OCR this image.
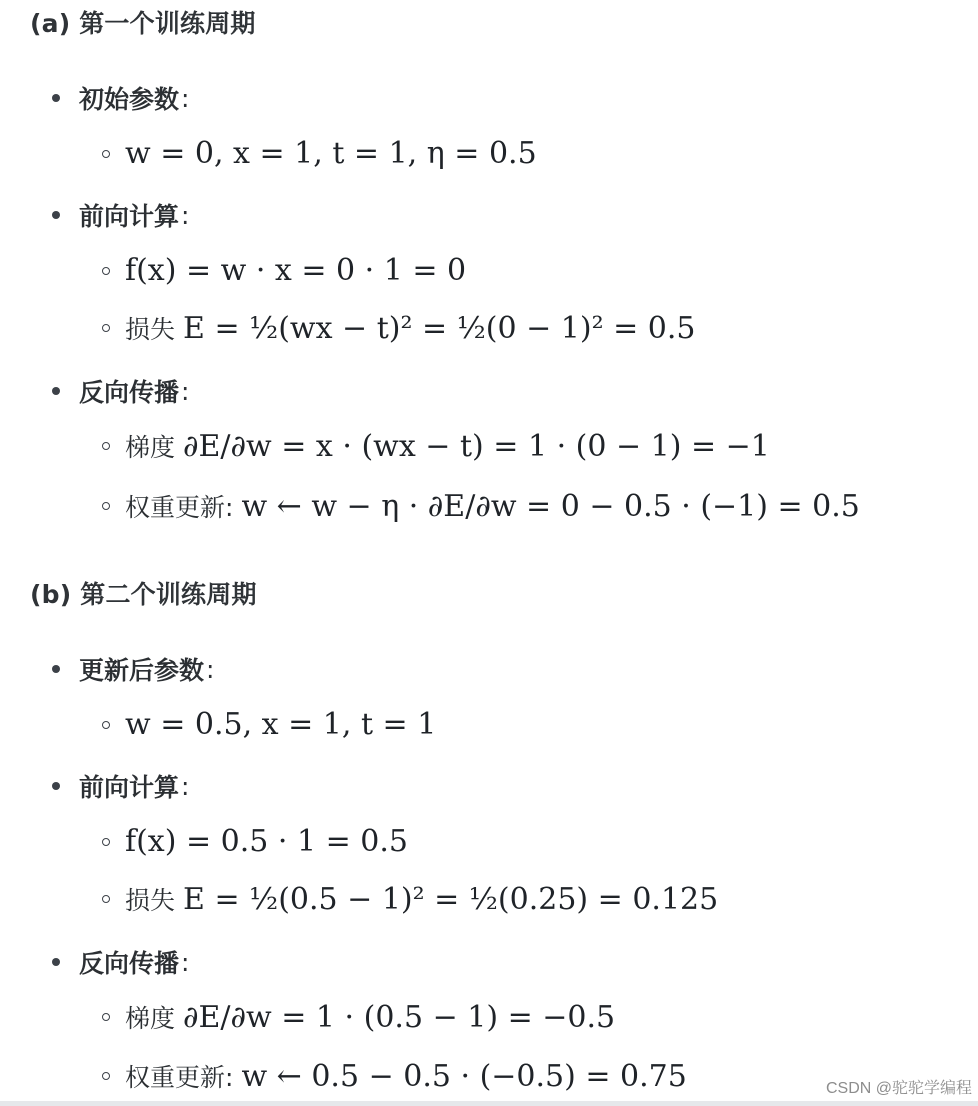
(a) 第一个训练周期
初始参数 :
w = 0, x = 1, t = 1, η = 0.5
前向计算 :
f(x) = w · x = 0 · 1 = 0
损失 E = ½(wx − t)² = ½(0 − 1)² = 0.5
反向传播 :
梯度 ∂E/∂w = x · (wx − t) = 1 · (0 − 1) = −1
权重更新: w ← w − η · ∂E/∂w = 0 − 0.5 · (−1) = 0.5
(b) 第二个训练周期
更新后参数 :
w = 0.5, x = 1, t = 1
前向计算 :
f(x) = 0.5 · 1 = 0.5
损失 E = ½(0.5 − 1)² = ½(0.25) = 0.125
反向传播 :
梯度 ∂E/∂w = 1 · (0.5 − 1) = −0.5
权重更新: w ← 0.5 − 0.5 · (−0.5) = 0.75	CSDN @驼驼学编程
